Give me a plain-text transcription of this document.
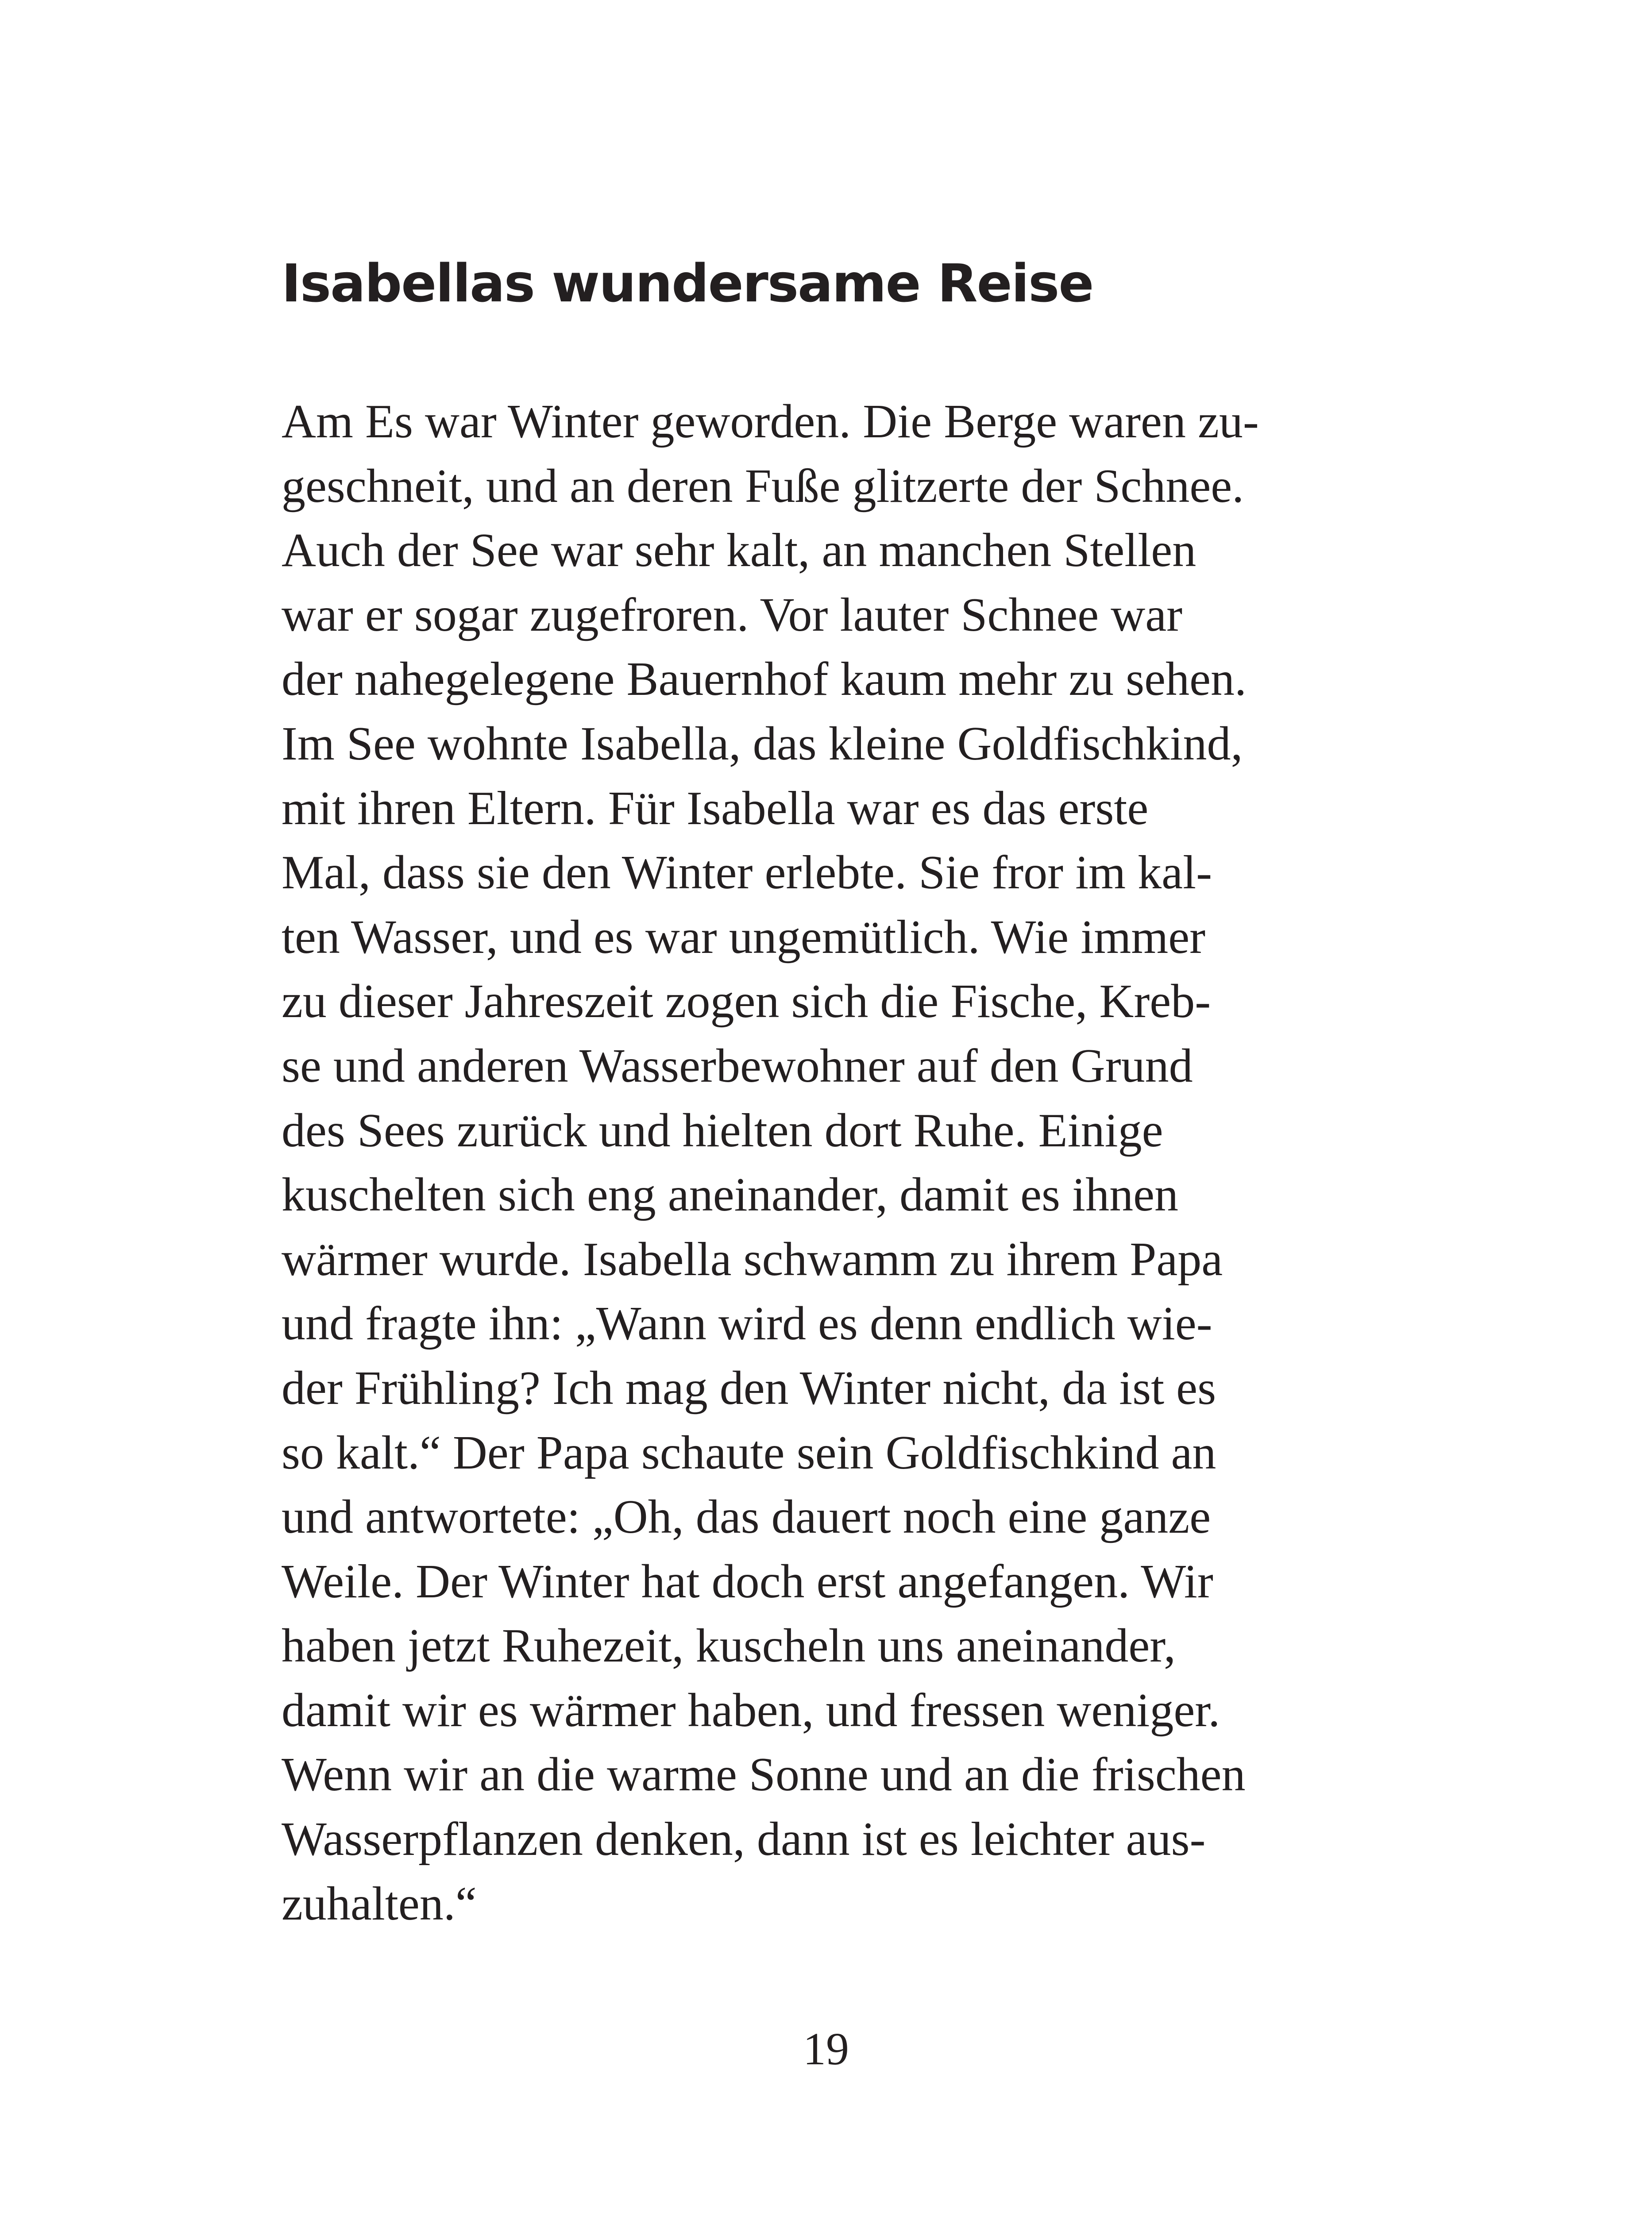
Isabellas wundersame Reise
Am Es war Winter geworden. Die Berge waren zu-
geschneit, und an deren Fuße glitzerte der Schnee.
Auch der See war sehr kalt, an manchen Stellen
war er sogar zugefroren. Vor lauter Schnee war
der nahegelegene Bauernhof kaum mehr zu sehen.
Im See wohnte Isabella, das kleine Goldfischkind,
mit ihren Eltern. Für Isabella war es das erste
Mal, dass sie den Winter erlebte. Sie fror im kal-
ten Wasser, und es war ungemütlich. Wie immer
zu dieser Jahreszeit zogen sich die Fische, Kreb-
se und anderen Wasserbewohner auf den Grund
des Sees zurück und hielten dort Ruhe. Einige
kuschelten sich eng aneinander, damit es ihnen
wärmer wurde. Isabella schwamm zu ihrem Papa
und fragte ihn: „Wann wird es denn endlich wie-
der Frühling? Ich mag den Winter nicht, da ist es
so kalt.“ Der Papa schaute sein Goldfischkind an
und antwortete: „Oh, das dauert noch eine ganze
Weile. Der Winter hat doch erst angefangen. Wir
haben jetzt Ruhezeit, kuscheln uns aneinander,
damit wir es wärmer haben, und fressen weniger.
Wenn wir an die warme Sonne und an die frischen
Wasserpflanzen denken, dann ist es leichter aus-
zuhalten.“
19
